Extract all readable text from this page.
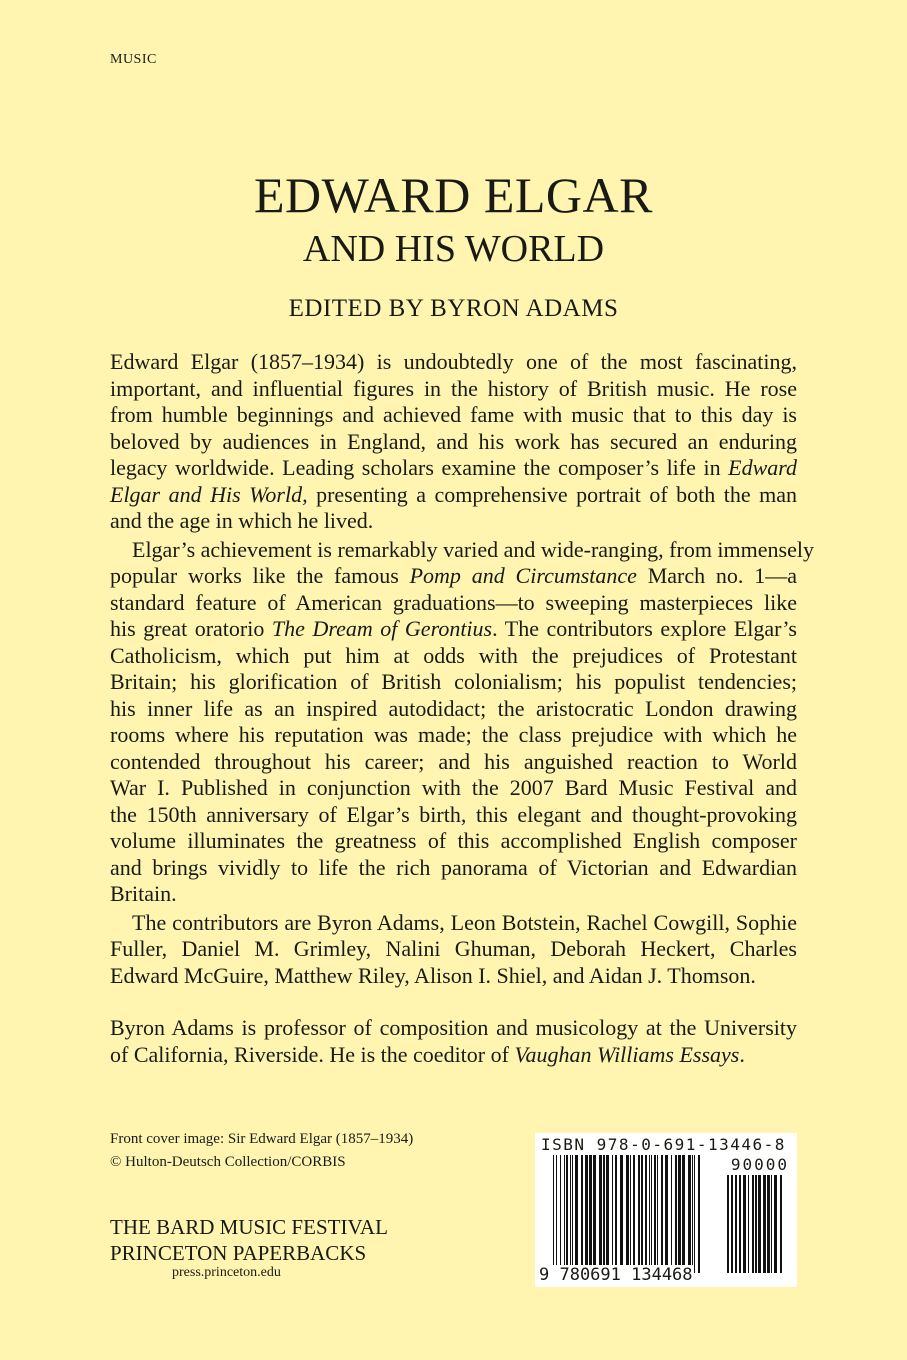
MUSIC
EDWARD ELGAR
AND HIS WORLD
EDITED BY BYRON ADAMS
Edward Elgar (1857–1934) is undoubtedly one of the most fascinating,
important, and influential figures in the history of British music. He rose
from humble beginnings and achieved fame with music that to this day is
beloved by audiences in England, and his work has secured an enduring
legacy worldwide. Leading scholars examine the composer’s life in Edward
Elgar and His World, presenting a comprehensive portrait of both the man
and the age in which he lived.
Elgar’s achievement is remarkably varied and wide-ranging, from immensely
popular works like the famous Pomp and Circumstance March no. 1—a
standard feature of American graduations—to sweeping masterpieces like
his great oratorio The Dream of Gerontius. The contributors explore Elgar’s
Catholicism, which put him at odds with the prejudices of Protestant
Britain; his glorification of British colonialism; his populist tendencies;
his inner life as an inspired autodidact; the aristocratic London drawing
rooms where his reputation was made; the class prejudice with which he
contended throughout his career; and his anguished reaction to World
War I. Published in conjunction with the 2007 Bard Music Festival and
the 150th anniversary of Elgar’s birth, this elegant and thought-provoking
volume illuminates the greatness of this accomplished English composer
and brings vividly to life the rich panorama of Victorian and Edwardian
Britain.
The contributors are Byron Adams, Leon Botstein, Rachel Cowgill, Sophie
Fuller, Daniel M. Grimley, Nalini Ghuman, Deborah Heckert, Charles
Edward McGuire, Matthew Riley, Alison I. Shiel, and Aidan J. Thomson.
Byron Adams is professor of composition and musicology at the University
of California, Riverside. He is the coeditor of Vaughan Williams Essays.
Front cover image: Sir Edward Elgar (1857–1934)
© Hulton-Deutsch Collection/CORBIS
THE BARD MUSIC FESTIVAL
PRINCETON PAPERBACKS
press.princeton.edu
ISBN 978-0-691-13446-8
90000
9 780691 134468
